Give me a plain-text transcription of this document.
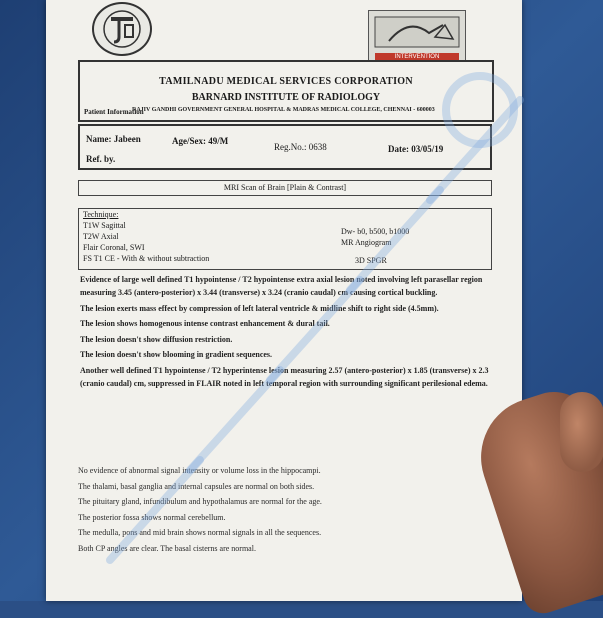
INTERVENTION
TAMILNADU MEDICAL SERVICES CORPORATION
BARNARD INSTITUTE OF RADIOLOGY
RAJIV GANDHI GOVERNMENT GENERAL HOSPITAL & MADRAS MEDICAL COLLEGE, CHENNAI - 600003
Patient Information
Name: Jabeen	Age/Sex: 49/M
Reg.No.: 0638	Date: 03/05/19
Ref. by.
MRI Scan of Brain [Plain & Contrast]
Technique:
T1W Sagittal
T2W Axial
Flair Coronal, SWI
FS T1 CE - With & without subtraction
Dw- b0, b500, b1000
MR Angiogram
3D SPGR

Evidence of large well defined T1 hypointense / T2 hypointense extra axial lesion noted involving left parasellar region measuring 3.45 (antero-posterior) x 3.44 (transverse) x 3.24 (cranio caudal) cm causing cortical buckling.

The lesion exerts mass effect by compression of left lateral ventricle & midline shift to right side (4.5mm).

The lesion shows homogenous intense contrast enhancement & dural tail.

The lesion doesn't show diffusion restriction.

The lesion doesn't show blooming in gradient sequences.

Another well defined T1 hypointense / T2 hyperintense lesion measuring 2.57 (antero-posterior) x 1.85 (transverse) x 2.3 (cranio caudal) cm, suppressed in FLAIR noted in left temporal region with surrounding significant perilesional edema.

No evidence of abnormal signal intensity or volume loss in the hippocampi.

The thalami, basal ganglia and internal capsules are normal on both sides.

The pituitary gland, infundibulum and hypothalamus are normal for the age.

The posterior fossa shows normal cerebellum.

The medulla, pons and mid brain shows normal signals in all the sequences.

Both CP angles are clear. The basal cisterns are normal.
